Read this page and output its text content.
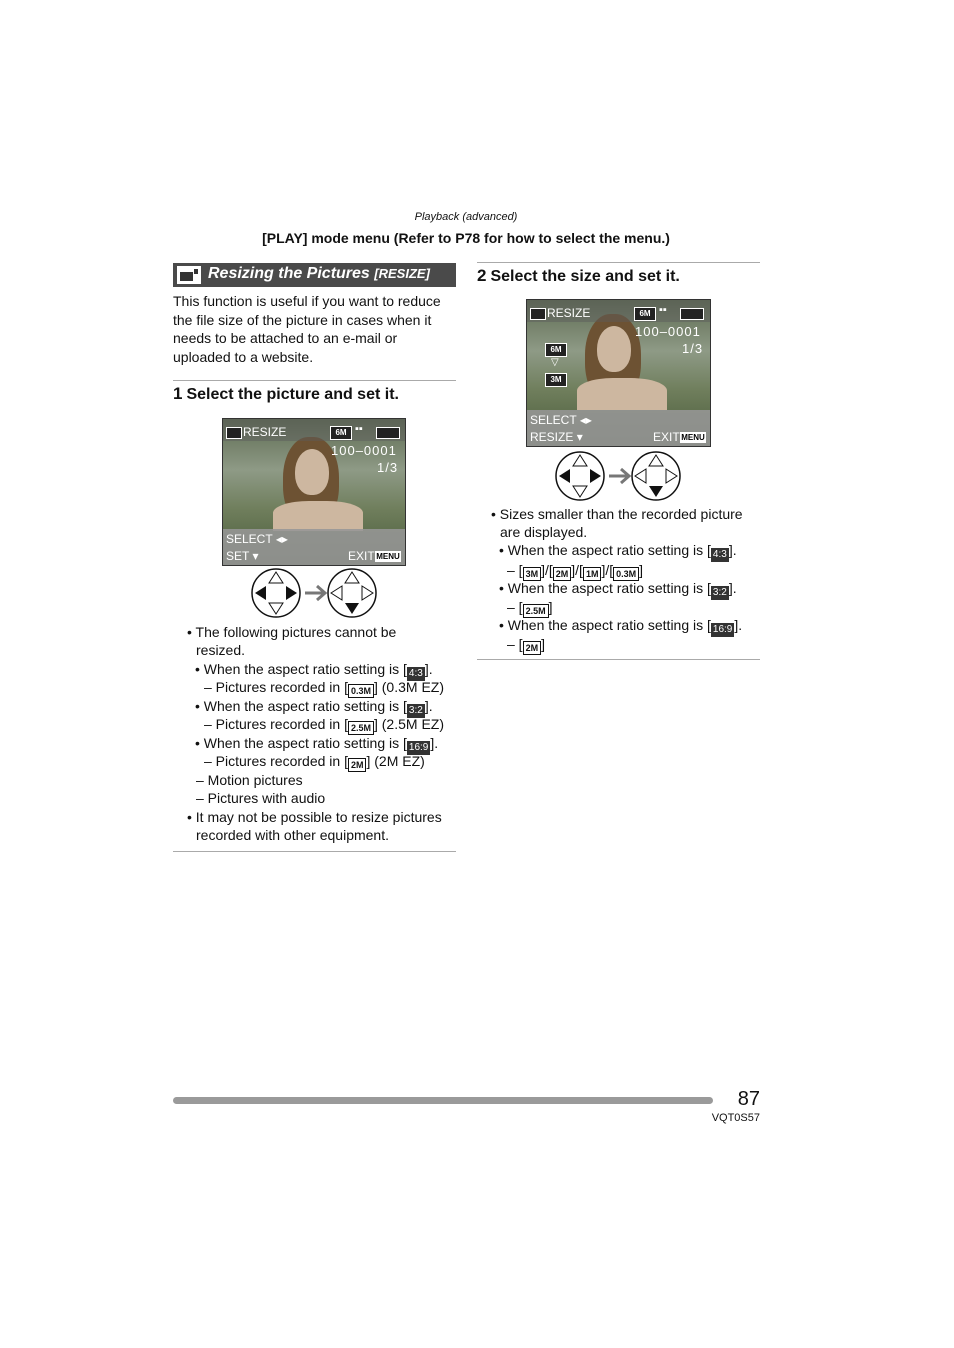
Playback (advanced)
[PLAY] mode menu (Refer to P78 for how to select the menu.)
Resizing the Pictures [RESIZE]
This function is useful if you want to reduce
the file size of the picture in cases when it
needs to be attached to an e-mail or
uploaded to a website.
1 Select the picture and set it.
RESIZE	6M ▪▪
100–0001
1/3
SELECT ◂▸
SET ▾	EXIT MENU
• The following pictures cannot be
resized.
• When the aspect ratio setting is [ 4:3 ].
– Pictures recorded in [ 0.3M ] (0.3M EZ)
• When the aspect ratio setting is [ 3:2 ].
– Pictures recorded in [ 2.5M ] (2.5M EZ)
• When the aspect ratio setting is [ 16:9 ].
– Pictures recorded in [ 2M ] (2M EZ)
– Motion pictures
– Pictures with audio
• It may not be possible to resize pictures
recorded with other equipment.
2 Select the size and set it.
RESIZE	6M ▪▪
100–0001
1/3
6M
▽
3M
SELECT ◂▸
RESIZE ▾	EXIT MENU
• Sizes smaller than the recorded picture
are displayed.
• When the aspect ratio setting is [ 4:3 ].
– [ 3M ]/[ 2M ]/[ 1M ]/[ 0.3M ]
• When the aspect ratio setting is [ 3:2 ].
– [ 2.5M ]
• When the aspect ratio setting is [ 16:9 ].
– [ 2M ]
87
VQT0S57
